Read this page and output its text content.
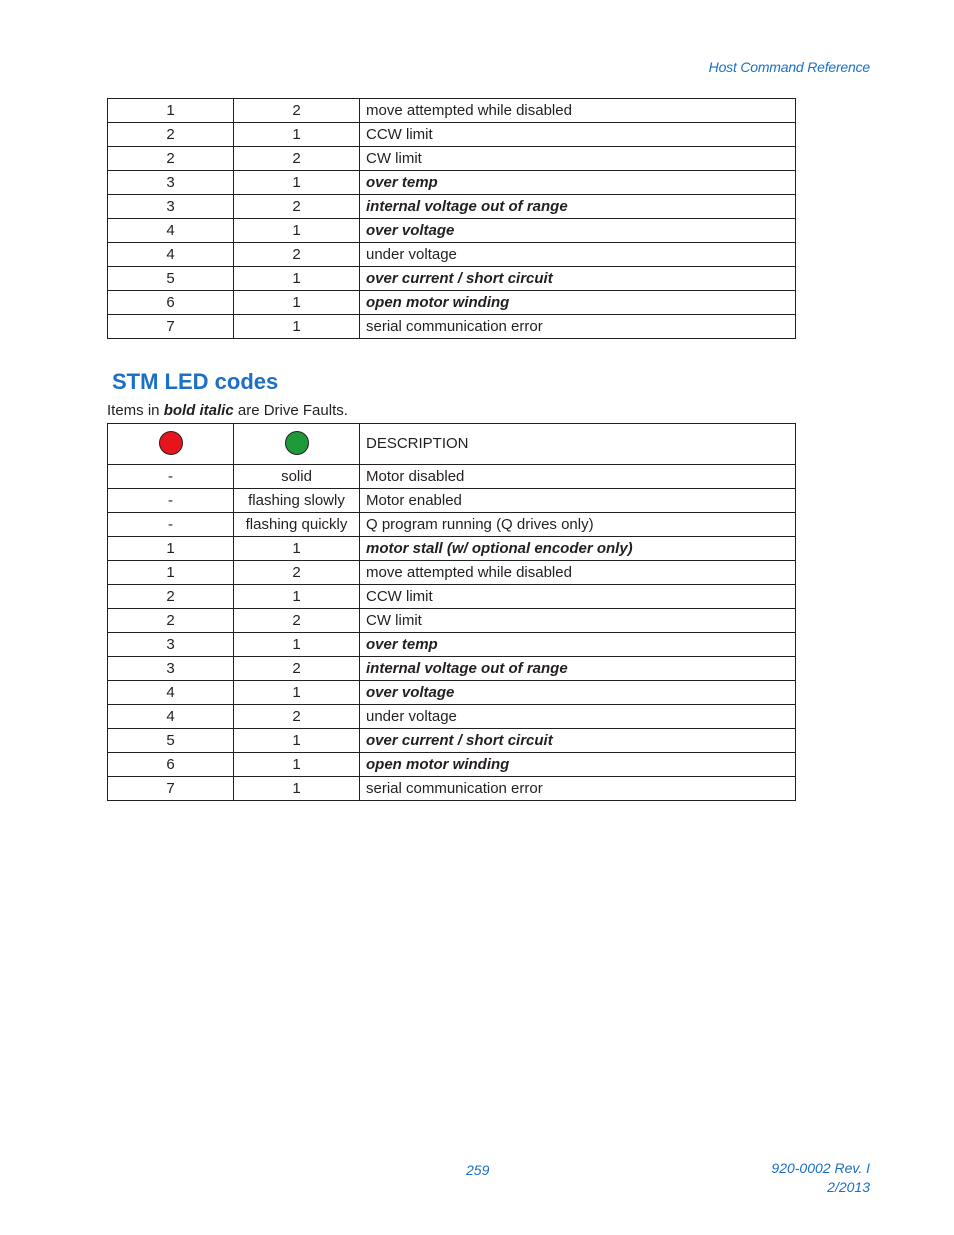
Host Command Reference
1	2	move attempted while disabled
2	1	CCW limit
2	2	CW limit
3	1	over temp
3	2	internal voltage out of range
4	1	over voltage
4	2	under voltage
5	1	over current / short circuit
6	1	open motor winding
7	1	serial communication error
STM LED codes
Items in bold italic are Drive Faults.
		DESCRIPTION
-	solid	Motor disabled
-	flashing slowly	Motor enabled
-	flashing quickly	Q program running (Q drives only)
1	1	motor stall (w/ optional encoder only)
1	2	move attempted while disabled
2	1	CCW limit
2	2	CW limit
3	1	over temp
3	2	internal voltage out of range
4	1	over voltage
4	2	under voltage
5	1	over current / short circuit
6	1	open motor winding
7	1	serial communication error
259	920-0002 Rev. I
2/2013
